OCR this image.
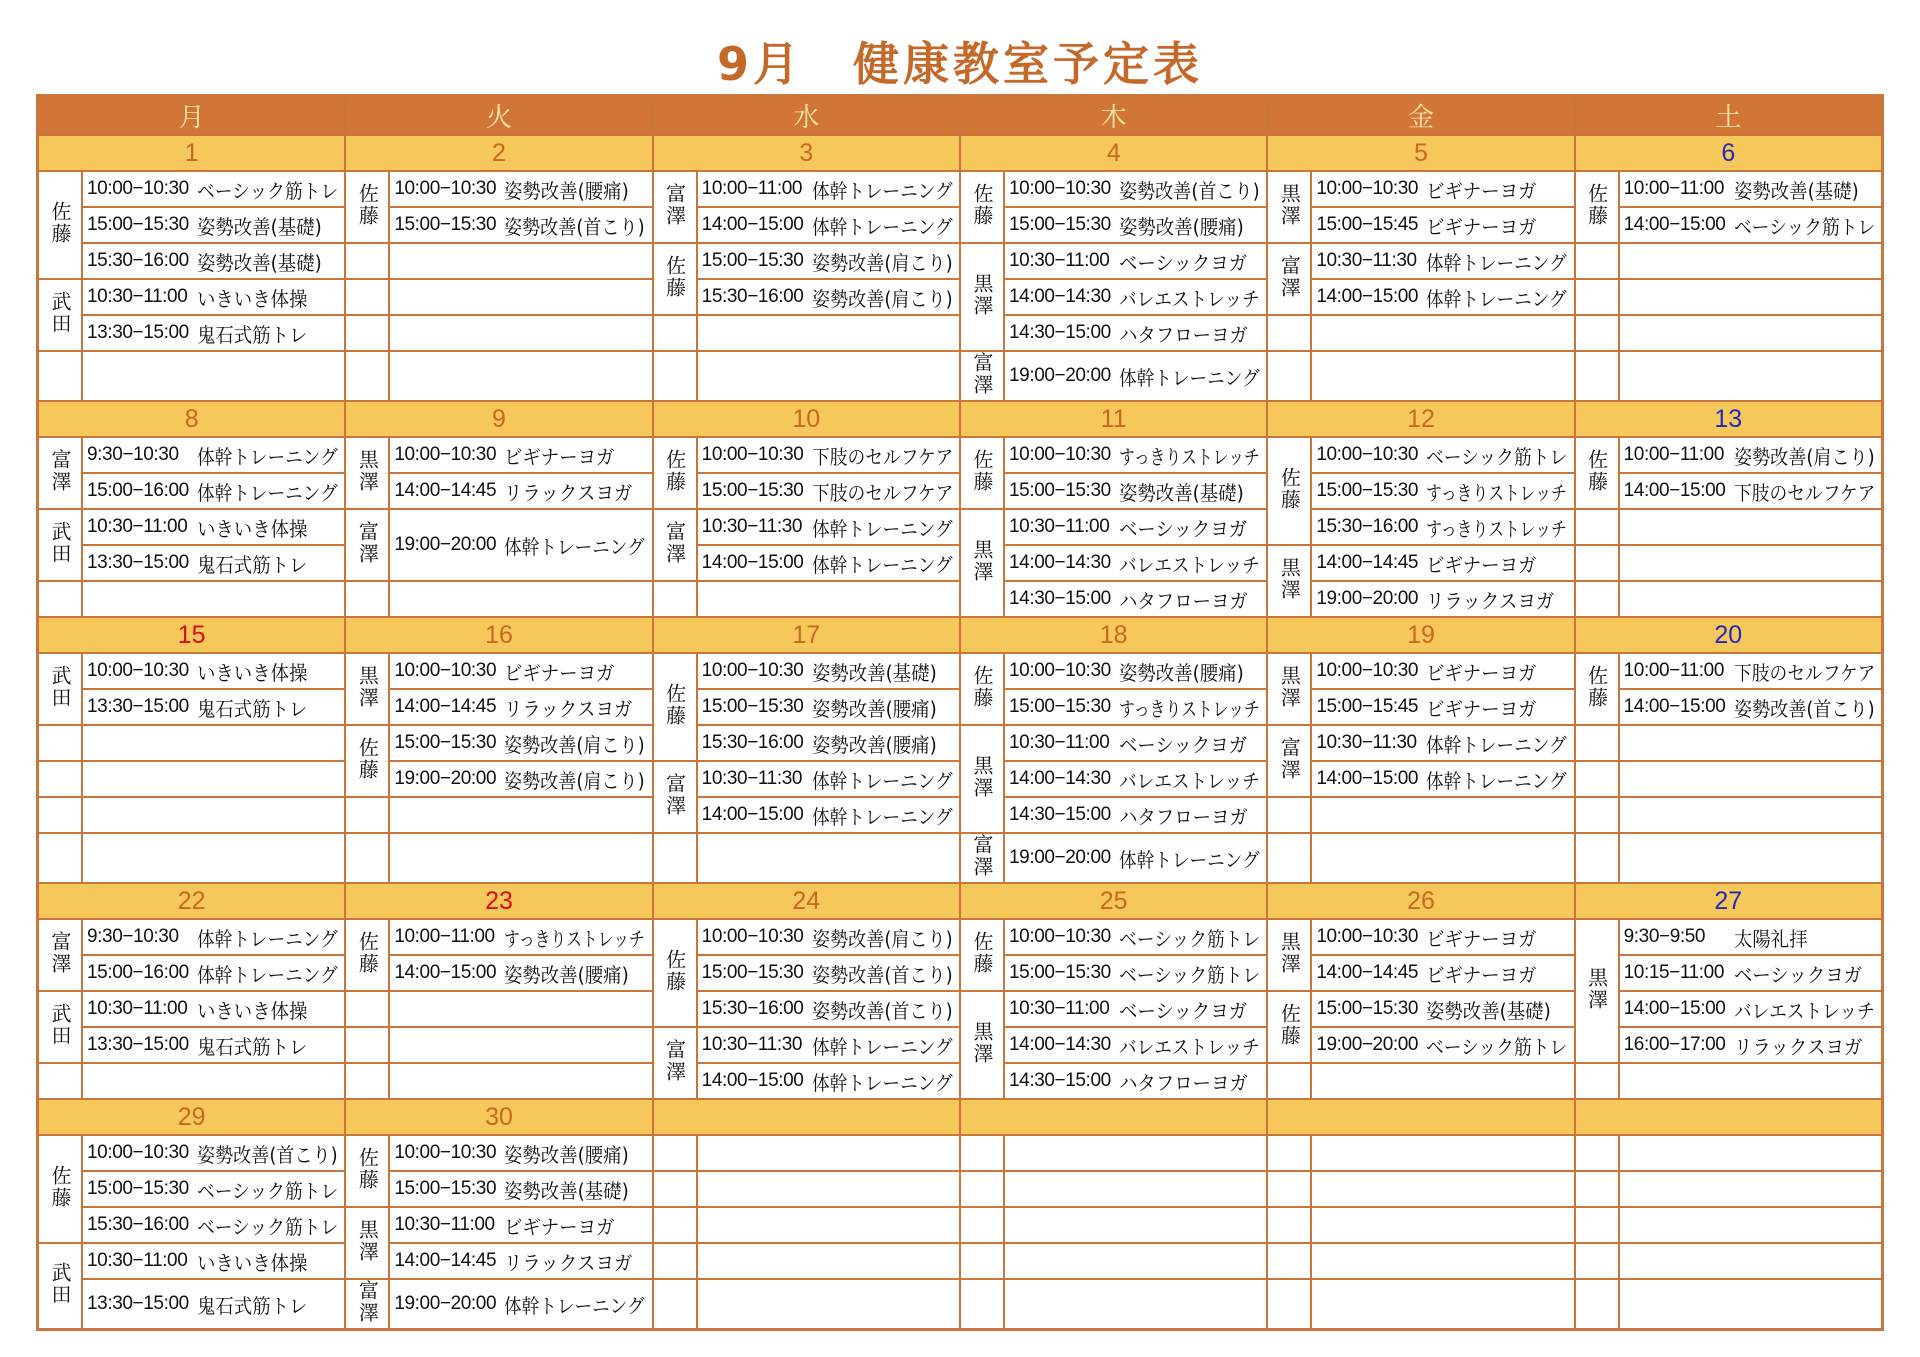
9月　健康教室予定表
月		火		水		木		金		土	
1		2		3		4		5		6	
佐藤	10:00−10:30 ベーシック筋トレ	佐藤	10:00−10:30 姿勢改善(腰痛)	富澤	10:00−11:00 体幹トレーニング	佐藤	10:00−10:30 姿勢改善(首こり)	黒澤	10:00−10:30 ビギナーヨガ	佐藤	10:00−11:00 姿勢改善(基礎)
	15:00−15:30 姿勢改善(基礎)		15:00−15:30 姿勢改善(首こり)		14:00−15:00 体幹トレーニング		15:00−15:30 姿勢改善(腰痛)		15:00−15:45 ビギナーヨガ		14:00−15:00 ベーシック筋トレ
	15:30−16:00 姿勢改善(基礎)			佐藤	15:00−15:30 姿勢改善(肩こり)	黒澤	10:30−11:00 ベーシックヨガ	富澤	10:30−11:30 体幹トレーニング		
武田	10:30−11:00 いきいき体操				15:30−16:00 姿勢改善(肩こり)		14:00−14:30 バレエストレッチ		14:00−15:00 体幹トレーニング		
	13:30−15:00 鬼石式筋トレ						14:30−15:00 ハタフローヨガ				
						富澤	19:00−20:00 体幹トレーニング				
8		9		10		11		12		13	
富澤	9:30−10:30 体幹トレーニング	黒澤	10:00−10:30 ビギナーヨガ	佐藤	10:00−10:30 下肢のセルフケア	佐藤	10:00−10:30 すっきりストレッチ	佐藤	10:00−10:30 ベーシック筋トレ	佐藤	10:00−11:00 姿勢改善(肩こり)
	15:00−16:00 体幹トレーニング		14:00−14:45 リラックスヨガ		15:00−15:30 下肢のセルフケア		15:00−15:30 姿勢改善(基礎)		15:00−15:30 すっきりストレッチ		14:00−15:00 下肢のセルフケア
武田	10:30−11:00 いきいき体操	富澤	19:00−20:00 体幹トレーニング	富澤	10:30−11:30 体幹トレーニング	黒澤	10:30−11:00 ベーシックヨガ		15:30−16:00 すっきりストレッチ		
	13:30−15:00 鬼石式筋トレ				14:00−15:00 体幹トレーニング		14:00−14:30 バレエストレッチ	黒澤	14:00−14:45 ビギナーヨガ		
							14:30−15:00 ハタフローヨガ		19:00−20:00 リラックスヨガ		
15		16		17		18		19		20	
武田	10:00−10:30 いきいき体操	黒澤	10:00−10:30 ビギナーヨガ	佐藤	10:00−10:30 姿勢改善(基礎)	佐藤	10:00−10:30 姿勢改善(腰痛)	黒澤	10:00−10:30 ビギナーヨガ	佐藤	10:00−11:00 下肢のセルフケア
	13:30−15:00 鬼石式筋トレ		14:00−14:45 リラックスヨガ		15:00−15:30 姿勢改善(腰痛)		15:00−15:30 すっきりストレッチ		15:00−15:45 ビギナーヨガ		14:00−15:00 姿勢改善(首こり)
		佐藤	15:00−15:30 姿勢改善(肩こり)		15:30−16:00 姿勢改善(腰痛)	黒澤	10:30−11:00 ベーシックヨガ	富澤	10:30−11:30 体幹トレーニング		
			19:00−20:00 姿勢改善(肩こり)	富澤	10:30−11:30 体幹トレーニング		14:00−14:30 バレエストレッチ		14:00−15:00 体幹トレーニング		
					14:00−15:00 体幹トレーニング		14:30−15:00 ハタフローヨガ				
						富澤	19:00−20:00 体幹トレーニング				
22		23		24		25		26		27	
富澤	9:30−10:30 体幹トレーニング	佐藤	10:00−11:00 すっきりストレッチ	佐藤	10:00−10:30 姿勢改善(肩こり)	佐藤	10:00−10:30 ベーシック筋トレ	黒澤	10:00−10:30 ビギナーヨガ	黒澤	9:30−9:50 太陽礼拝
	15:00−16:00 体幹トレーニング		14:00−15:00 姿勢改善(腰痛)		15:00−15:30 姿勢改善(首こり)		15:00−15:30 ベーシック筋トレ		14:00−14:45 ビギナーヨガ		10:15−11:00 ベーシックヨガ
武田	10:30−11:00 いきいき体操				15:30−16:00 姿勢改善(首こり)	黒澤	10:30−11:00 ベーシックヨガ	佐藤	15:00−15:30 姿勢改善(基礎)		14:00−15:00 バレエストレッチ
	13:30−15:00 鬼石式筋トレ			富澤	10:30−11:30 体幹トレーニング		14:00−14:30 バレエストレッチ		19:00−20:00 ベーシック筋トレ		16:00−17:00 リラックスヨガ
					14:00−15:00 体幹トレーニング		14:30−15:00 ハタフローヨガ				
29		30									
佐藤	10:00−10:30 姿勢改善(首こり)	佐藤	10:00−10:30 姿勢改善(腰痛)								
	15:00−15:30 ベーシック筋トレ		15:00−15:30 姿勢改善(基礎)								
	15:30−16:00 ベーシック筋トレ	黒澤	10:30−11:00 ビギナーヨガ								
武田	10:30−11:00 いきいき体操		14:00−14:45 リラックスヨガ								
	13:30−15:00 鬼石式筋トレ	富澤	19:00−20:00 体幹トレーニング								
